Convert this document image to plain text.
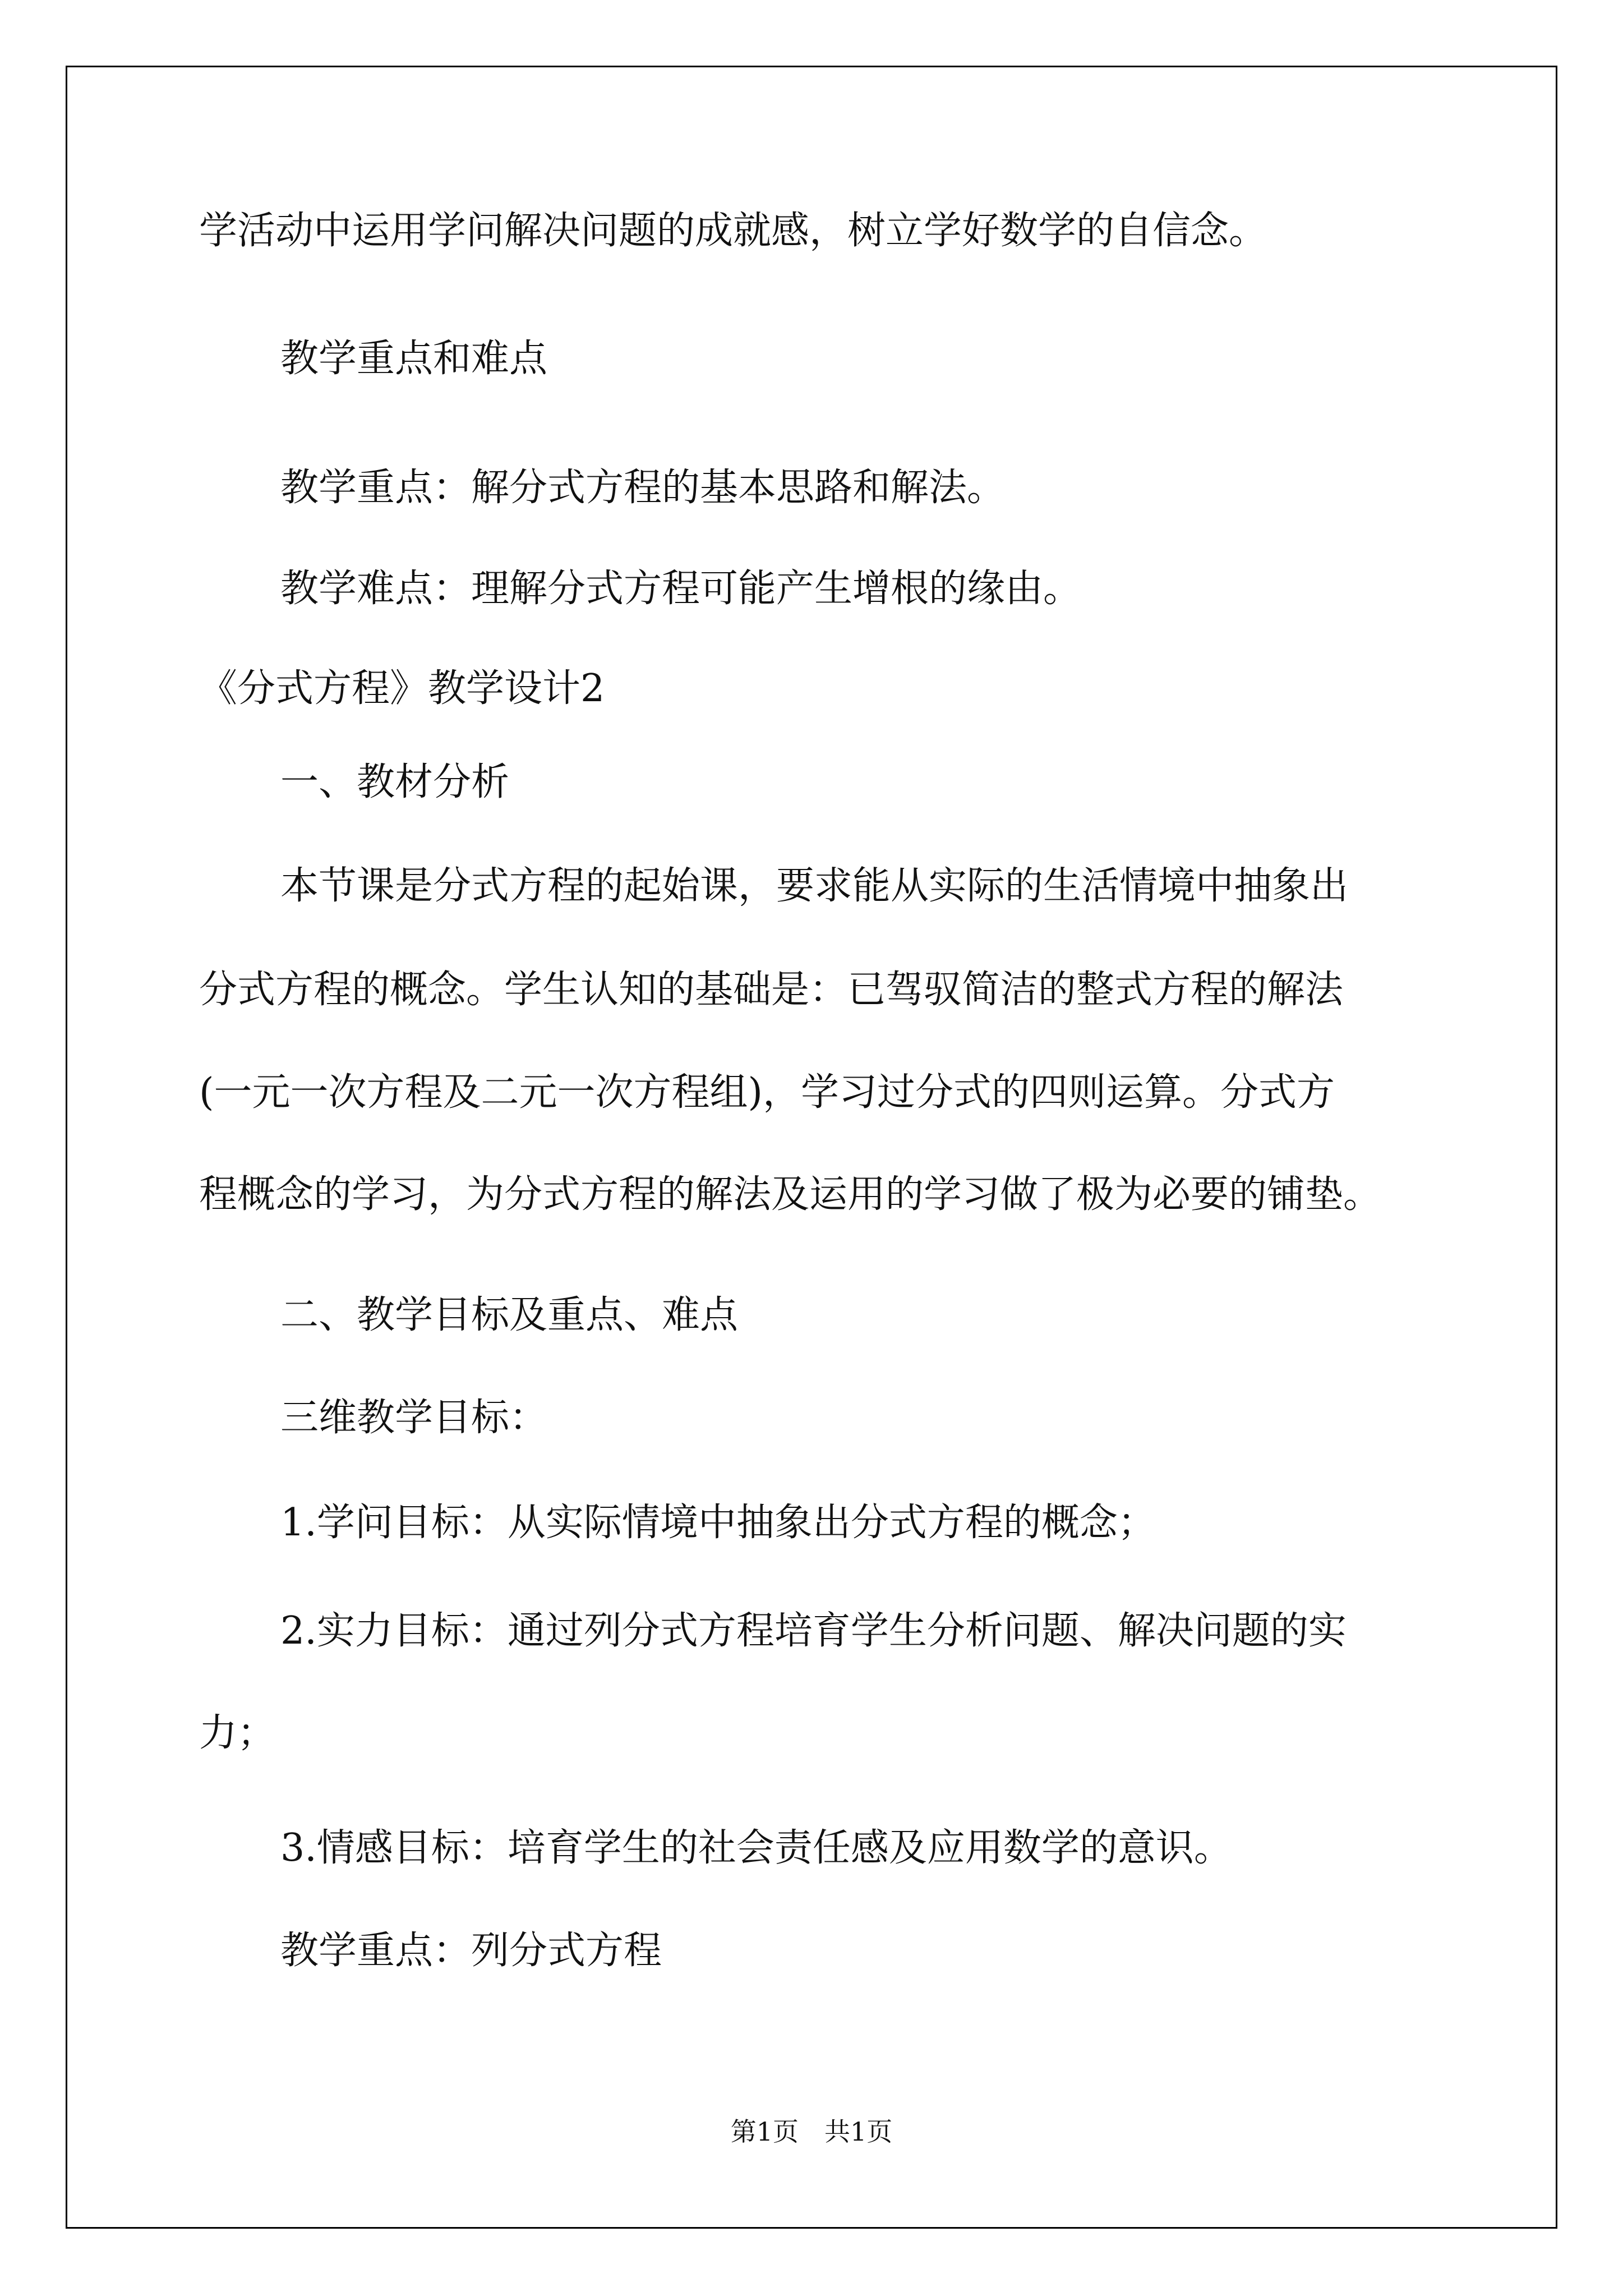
学活动中运用学问解决问题的成就感，树立学好数学的自信念。
教学重点和难点
教学重点：解分式方程的基本思路和解法。
教学难点：理解分式方程可能产生增根的缘由。
《分式方程》教学设计2
一、教材分析
本节课是分式方程的起始课，要求能从实际的生活情境中抽象出
分式方程的概念。学生认知的基础是：已驾驭简洁的整式方程的解法
(一元一次方程及二元一次方程组)，学习过分式的四则运算。分式方
程概念的学习，为分式方程的解法及运用的学习做了极为必要的铺垫。
二、教学目标及重点、难点
三维教学目标：
1.学问目标：从实际情境中抽象出分式方程的概念；
2.实力目标：通过列分式方程培育学生分析问题、解决问题的实
力；
3.情感目标：培育学生的社会责任感及应用数学的意识。
教学重点：列分式方程
第1页　共1页
